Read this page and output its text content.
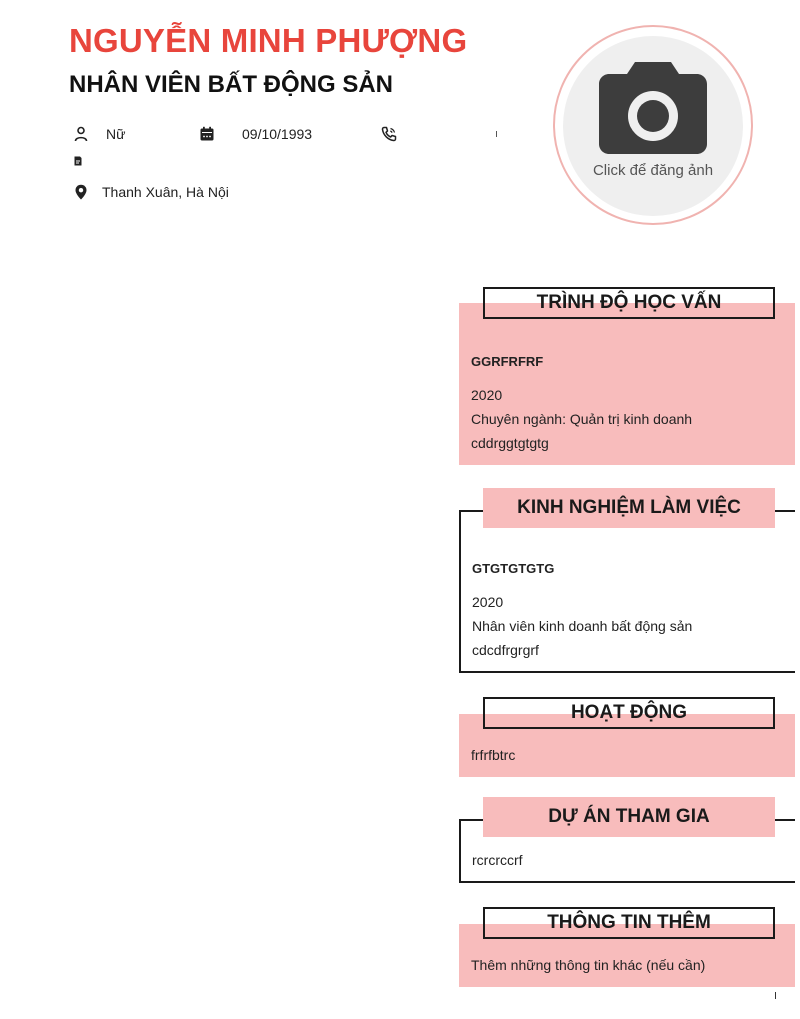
NGUYỄN MINH PHƯỢNG
NHÂN VIÊN BẤT ĐỘNG SẢN
Nữ	09/10/1993
Thanh Xuân, Hà Nội
Click để đăng ảnh
TRÌNH ĐỘ HỌC VẤN
GGRFRFRF
2020
Chuyên ngành: Quản trị kinh doanh
cddrggtgtgtg
KINH NGHIỆM LÀM VIỆC
GTGTGTGTG
2020
Nhân viên kinh doanh bất động sản
cdcdfrgrgrf
HOẠT ĐỘNG
frfrfbtrc
DỰ ÁN THAM GIA
rcrcrccrf
THÔNG TIN THÊM
Thêm những thông tin khác (nếu cần)
